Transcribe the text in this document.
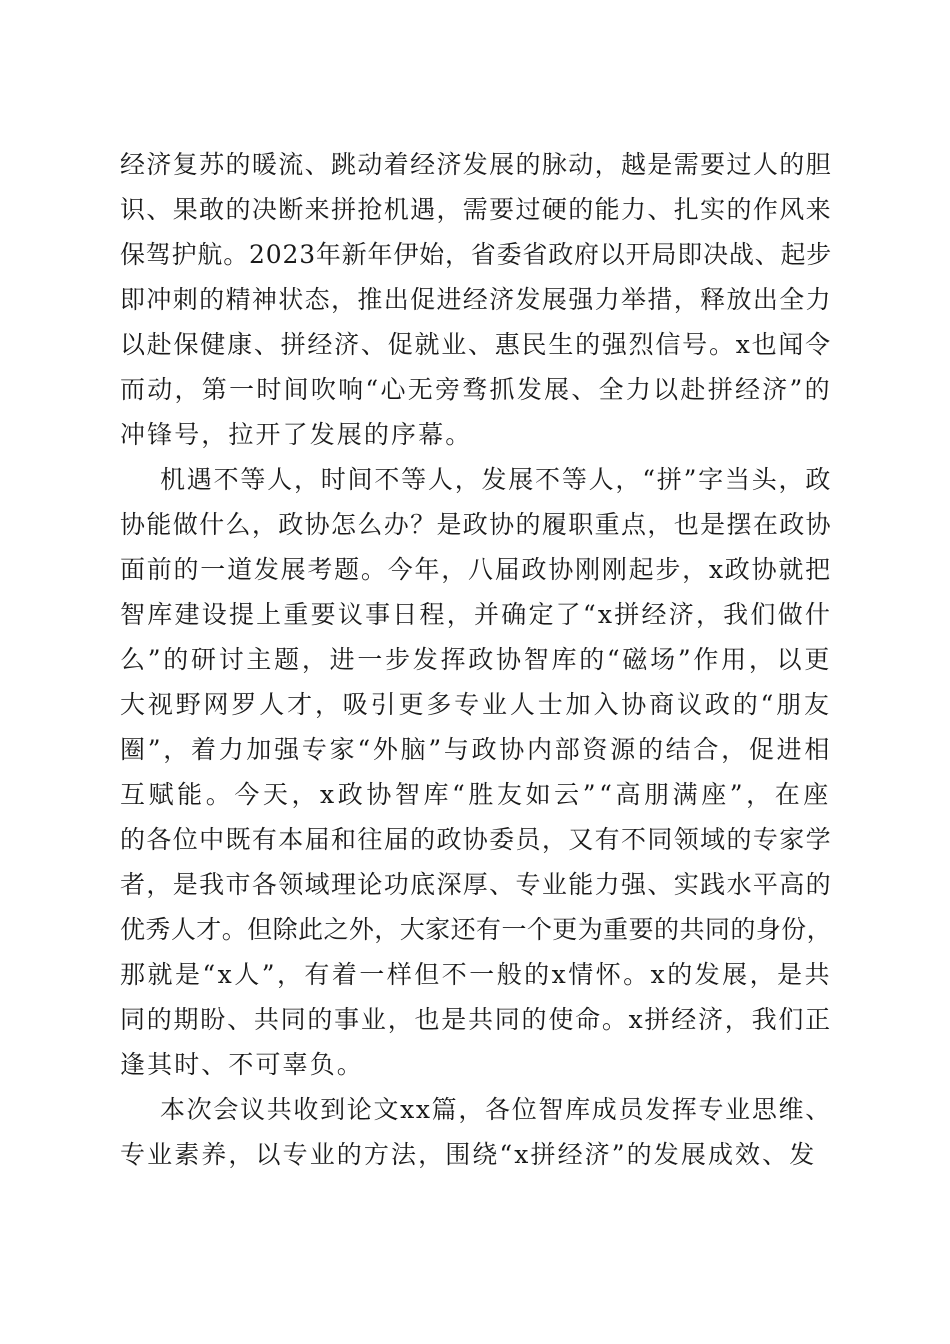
经济复苏的暖流、跳动着经济发展的脉动，越是需要过人的胆
识、果敢的决断来拼抢机遇，需要过硬的能力、扎实的作风来
保驾护航。2023年新年伊始，省委省政府以开局即决战、起步
即冲刺的精神状态，推出促进经济发展强力举措，释放出全力
以赴保健康、拼经济、促就业、惠民生的强烈信号。x也闻令
而动，第一时间吹响“心无旁骛抓发展、全力以赴拼经济”的
冲锋号，拉开了发展的序幕。
机遇不等人，时间不等人，发展不等人，“拼”字当头，政
协能做什么，政协怎么办？是政协的履职重点，也是摆在政协
面前的一道发展考题。今年，八届政协刚刚起步，x政协就把
智库建设提上重要议事日程，并确定了“x拼经济，我们做什
么”的研讨主题，进一步发挥政协智库的“磁场”作用，以更
大视野网罗人才，吸引更多专业人士加入协商议政的“朋友
圈”，着力加强专家“外脑”与政协内部资源的结合，促进相
互赋能。今天，x政协智库“胜友如云”“高朋满座”，在座
的各位中既有本届和往届的政协委员，又有不同领域的专家学
者，是我市各领域理论功底深厚、专业能力强、实践水平高的
优秀人才。但除此之外，大家还有一个更为重要的共同的身份，
那就是“x人”，有着一样但不一般的x情怀。x的发展，是共
同的期盼、共同的事业，也是共同的使命。x拼经济，我们正
逢其时、不可辜负。
本次会议共收到论文xx篇，各位智库成员发挥专业思维、
专业素养，以专业的方法，围绕“x拼经济”的发展成效、发
